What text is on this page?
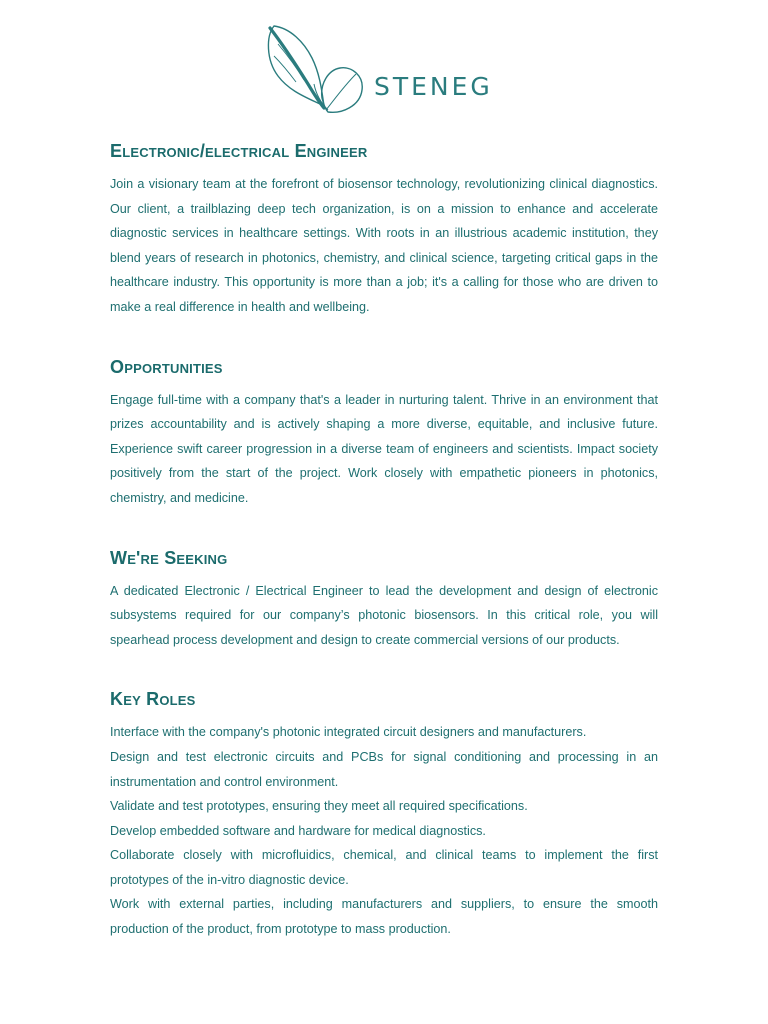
STENEG
Electronic/electrical Engineer

Join a visionary team at the forefront of biosensor technology, revolutionizing clinical diagnostics. Our client, a trailblazing deep tech organization, is on a mission to enhance and accelerate diagnostic services in healthcare settings. With roots in an illustrious academic institution, they blend years of research in photonics, chemistry, and clinical science, targeting critical gaps in the healthcare industry. This opportunity is more than a job; it's a calling for those who are driven to make a real difference in health and wellbeing.

Opportunities

Engage full-time with a company that's a leader in nurturing talent. Thrive in an environment that prizes accountability and is actively shaping a more diverse, equitable, and inclusive future. Experience swift career progression in a diverse team of engineers and scientists. Impact society positively from the start of the project. Work closely with empathetic pioneers in photonics, chemistry, and medicine.

We're Seeking

A dedicated Electronic / Electrical Engineer to lead the development and design of electronic subsystems required for our company’s photonic biosensors. In this critical role, you will spearhead process development and design to create commercial versions of our products.

Key Roles
Interface with the company's photonic integrated circuit designers and manufacturers.
Design and test electronic circuits and PCBs for signal conditioning and processing in an instrumentation and control environment.
Validate and test prototypes, ensuring they meet all required specifications.
Develop embedded software and hardware for medical diagnostics.
Collaborate closely with microfluidics, chemical, and clinical teams to implement the first prototypes of the in-vitro diagnostic device.
Work with external parties, including manufacturers and suppliers, to ensure the smooth production of the product, from prototype to mass production.
